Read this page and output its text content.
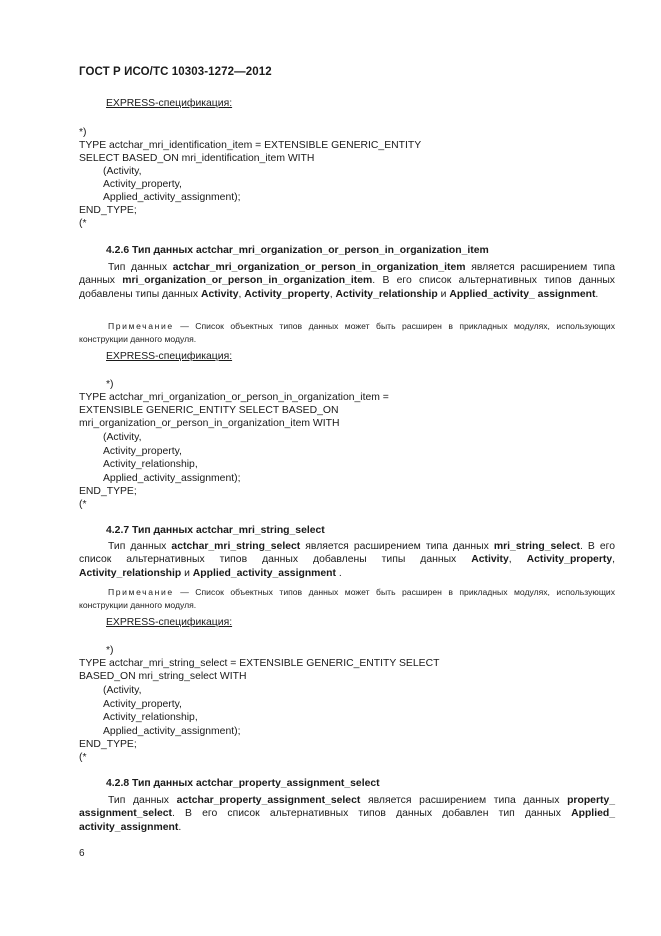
ГОСТ Р ИСО/ТС 10303-1272—2012
EXPRESS-спецификация:
*)
TYPE actchar_mri_identification_item = EXTENSIBLE GENERIC_ENTITY
SELECT BASED_ON mri_identification_item WITH
(Activity,
Activity_property,
Applied_activity_assignment);
END_TYPE;
(*
4.2.6 Тип данных actchar_mri_organization_or_person_in_organization_item
Тип данных actchar_mri_organization_or_person_in_organization_item является расширением типа данных mri_organization_or_person_in_organization_item. В его список альтернативных типов данных добавлены типы данных Activity, Activity_property, Activity_relationship и Applied_activity_ assignment.
Примечание — Список объектных типов данных может быть расширен в прикладных модулях, использующих конструкции данного модуля.
EXPRESS-спецификация:
*)
TYPE actchar_mri_organization_or_person_in_organization_item =
EXTENSIBLE GENERIC_ENTITY SELECT BASED_ON
mri_organization_or_person_in_organization_item WITH
(Activity,
Activity_property,
Activity_relationship,
Applied_activity_assignment);
END_TYPE;
(*
4.2.7 Тип данных actchar_mri_string_select
Тип данных actchar_mri_string_select является расширением типа данных mri_string_select. В его список альтернативных типов данных добавлены типы данных Activity, Activity_property, Activity_relationship и Applied_activity_assignment .
Примечание — Список объектных типов данных может быть расширен в прикладных модулях, использующих конструкции данного модуля.
EXPRESS-спецификация:
*)
TYPE actchar_mri_string_select = EXTENSIBLE GENERIC_ENTITY SELECT
BASED_ON mri_string_select WITH
(Activity,
Activity_property,
Activity_relationship,
Applied_activity_assignment);
END_TYPE;
(*
4.2.8 Тип данных actchar_property_assignment_select
Тип данных actchar_property_assignment_select является расширением типа данных property_ assignment_select. В его список альтернативных типов данных добавлен тип данных Applied_ activity_assignment.
6
